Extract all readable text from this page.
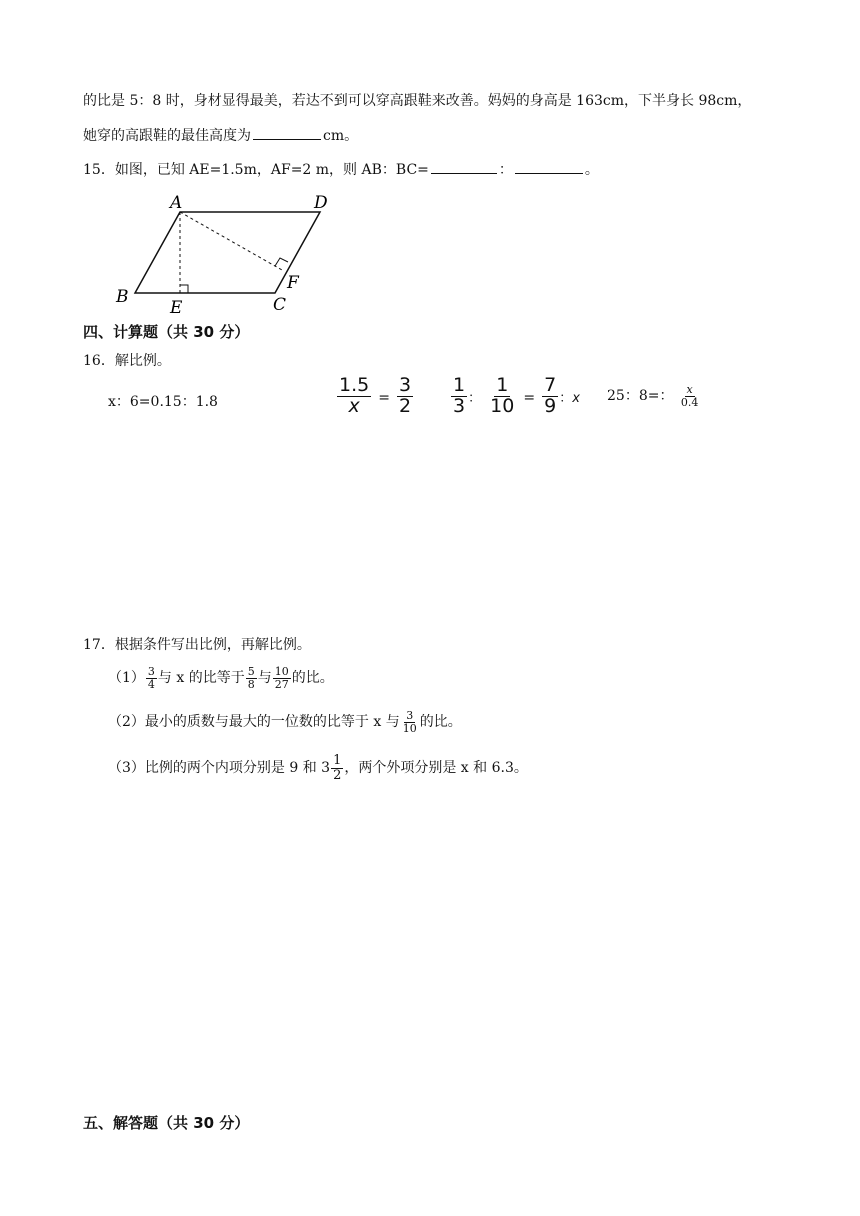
的比是 5：8 时，身材显得最美，若达不到可以穿高跟鞋来改善。妈妈的身高是 163cm，下半身长 98cm，
她穿的高跟鞋的最佳高度为	cm。
15．如图，已知 AE=1.5m，AF=2 m，则 AB：BC=	：	。
A	D
B
E	C
F
四、计算题（共 30 分）
16．解比例。
x：6=0.15：1.8	$\frac{1.5}{x} = \frac{3}{2} \frac{1}{3}$ ： $\frac{1}{10} = \frac{7}{9}$ ：x 25：8=： $\frac{x}{0.4}$
17．根据条件写出比例，再解比例。
$(1) \frac{3}{4}$ 与 x 的比等于 $\frac{5}{8}$ 与 $\frac{10}{27}$ 的比。
（2）最小的质数与最大的一位数的比等于 x 与 $\frac{3}{10}$ 的比。
（3）比例的两个内项分别是 9 和 $3 \frac{1}{2}$ ，两个外项分别是 x 和 6.3。
五、解答题（共 30 分）
